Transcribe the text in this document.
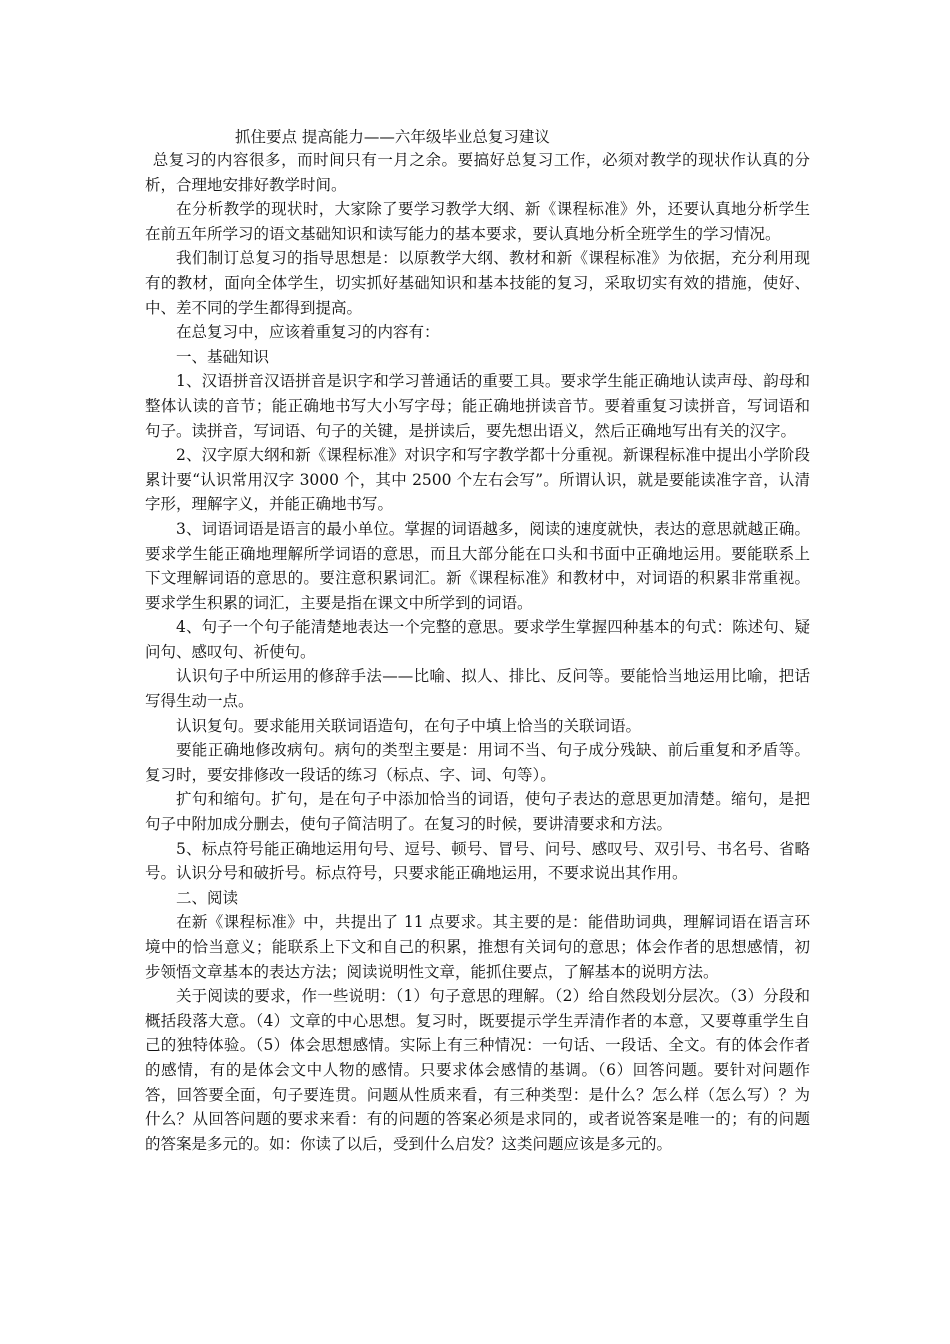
抓住要点 提高能力——六年级毕业总复习建议

总复习的内容很多，而时间只有一月之余。要搞好总复习工作，必须对教学的现状作认真的分析，合理地安排好教学时间。

在分析教学的现状时，大家除了要学习教学大纲、新《课程标准》外，还要认真地分析学生在前五年所学习的语文基础知识和读写能力的基本要求，要认真地分析全班学生的学习情况。

我们制订总复习的指导思想是：以原教学大纲、教材和新《课程标准》为依据，充分利用现有的教材，面向全体学生，切实抓好基础知识和基本技能的复习，采取切实有效的措施，使好、中、差不同的学生都得到提高。

在总复习中，应该着重复习的内容有：

一、基础知识

1、汉语拼音汉语拼音是识字和学习普通话的重要工具。要求学生能正确地认读声母、韵母和整体认读的音节；能正确地书写大小写字母；能正确地拼读音节。要着重复习读拼音，写词语和句子。读拼音，写词语、句子的关键，是拼读后，要先想出语义，然后正确地写出有关的汉字。

2、汉字原大纲和新《课程标准》对识字和写字教学都十分重视。新课程标准中提出小学阶段累计要“认识常用汉字 3000 个，其中 2500 个左右会写”。所谓认识，就是要能读准字音，认清字形，理解字义，并能正确地书写。

3、词语词语是语言的最小单位。掌握的词语越多，阅读的速度就快，表达的意思就越正确。要求学生能正确地理解所学词语的意思，而且大部分能在口头和书面中正确地运用。要能联系上下文理解词语的意思的。要注意积累词汇。新《课程标准》和教材中，对词语的积累非常重视。要求学生积累的词汇，主要是指在课文中所学到的词语。

4、句子一个句子能清楚地表达一个完整的意思。要求学生掌握四种基本的句式：陈述句、疑问句、感叹句、祈使句。

认识句子中所运用的修辞手法——比喻、拟人、排比、反问等。要能恰当地运用比喻，把话写得生动一点。

认识复句。要求能用关联词语造句，在句子中填上恰当的关联词语。

要能正确地修改病句。病句的类型主要是：用词不当、句子成分残缺、前后重复和矛盾等。复习时，要安排修改一段话的练习（标点、字、词、句等）。

扩句和缩句。扩句，是在句子中添加恰当的词语，使句子表达的意思更加清楚。缩句，是把句子中附加成分删去，使句子简洁明了。在复习的时候，要讲清要求和方法。

5、标点符号能正确地运用句号、逗号、顿号、冒号、问号、感叹号、双引号、书名号、省略号。认识分号和破折号。标点符号，只要求能正确地运用，不要求说出其作用。

二、阅读

在新《课程标准》中，共提出了 11 点要求。其主要的是：能借助词典，理解词语在语言环境中的恰当意义；能联系上下文和自己的积累，推想有关词句的意思；体会作者的思想感情，初步领悟文章基本的表达方法；阅读说明性文章，能抓住要点，了解基本的说明方法。

关于阅读的要求，作一些说明：（1）句子意思的理解。（2）给自然段划分层次。（3）分段和概括段落大意。（4）文章的中心思想。复习时，既要提示学生弄清作者的本意，又要尊重学生自己的独特体验。（5）体会思想感情。实际上有三种情况：一句话、一段话、全文。有的体会作者的感情，有的是体会文中人物的感情。只要求体会感情的基调。（6）回答问题。要针对问题作答，回答要全面，句子要连贯。问题从性质来看，有三种类型：是什么？怎么样（怎么写）？为什么？从回答问题的要求来看：有的问题的答案必须是求同的，或者说答案是唯一的；有的问题的答案是多元的。如：你读了以后，受到什么启发？这类问题应该是多元的。
